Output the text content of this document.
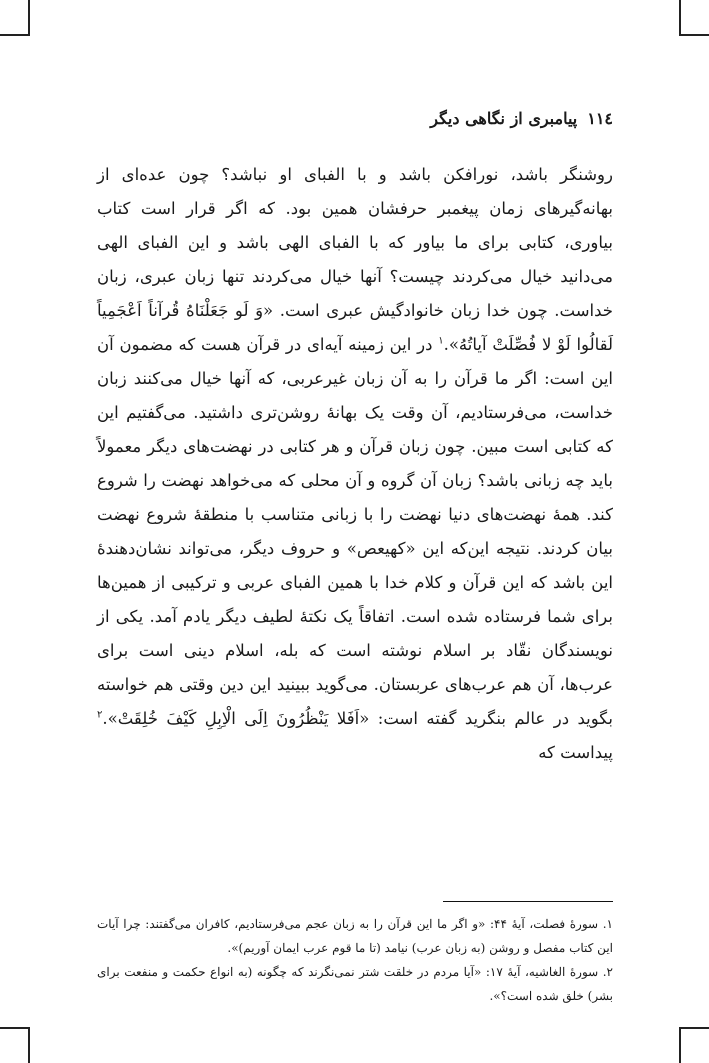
١١٤
پیامبری از نگاهی دیگر

روشنگر باشد، نورافکن باشد و با الفبای او نباشد؟ چون عده‌ای از بهانه‌گیرهای زمان پیغمبر حرفشان همین بود. که اگر قرار است کتاب بیاوری، کتابی برای ما بیاور که با الفبای الهی باشد و این الفبای الهی می‌دانید خیال می‌کردند چیست؟ آنها خیال می‌کردند تنها زبان عبری، زبان خداست. چون خدا زبان خانوادگیش عبری است. «وَ لَو جَعَلْنَاهُ قُرآناً اَعْجَمِياً لَقالُوا لَوْ لا فُصِّلَتْ آياتُهُ».$^١$ در این زمینه آیه‌ای در قرآن هست که مضمون آن این است: اگر ما قرآن را به آن زبان غیرعربی، که آنها خیال می‌کنند زبان خداست، می‌فرستادیم، آن وقت یک بهانهٔ روشن‌تری داشتید. می‌گفتیم این که کتابی است مبین. چون زبان قرآن و هر کتابی در نهضت‌های دیگر معمولاً باید چه زبانی باشد؟ زبان آن گروه و آن محلی که می‌خواهد نهضت را شروع کند. همهٔ نهضت‌های دنیا نهضت را با زبانی متناسب با منطقهٔ شروع نهضت بیان کردند. نتیجه این‌که این «کهیعص» و حروف دیگر، می‌تواند نشان‌دهندهٔ این باشد که این قرآن و کلام خدا با همین الفبای عربی و ترکیبی از همین‌ها برای شما فرستاده شده است. اتفاقاً یک نکتهٔ لطیف دیگر یادم آمد. یکی از نویسندگان نقّاد بر اسلام نوشته است که بله، اسلام دینی است برای عرب‌ها، آن هم عرب‌های عربستان. می‌گوید ببینید این دین وقتی هم خواسته بگوید در عالم بنگرید گفته است: «اَفَلا يَنْظُرُونَ اِلَى الْاِبِلِ كَيْفَ خُلِقَتْ».$^٢$ پیداست که

١. سورهٔ فصلت، آیهٔ ۴۴: «و اگر ما این قرآن را به زبان عجم می‌فرستادیم، کافران می‌گفتند: چرا آیات این کتاب مفصل و روشن (به زبان عرب) نیامد (تا ما قوم عرب ایمان آوریم)».

٢. سورهٔ الغاشیه، آیهٔ ١٧: «آیا مردم در خلقت شتر نمی‌نگرند که چگونه (به انواع حکمت و منفعت برای بشر) خلق شده است؟».
